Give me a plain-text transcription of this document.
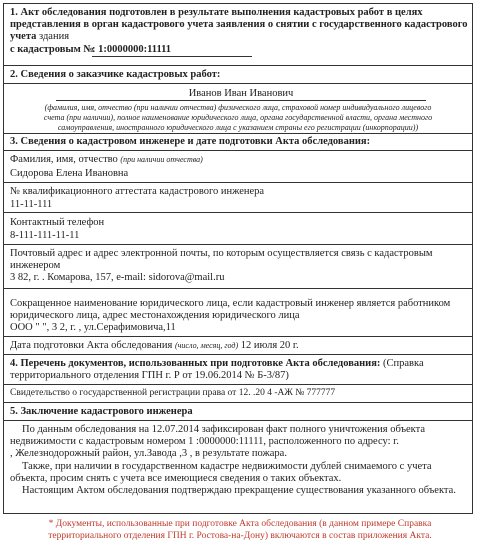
1. Акт обследования подготовлен в результате выполнения кадастровых работ в целях
представления в орган кадастрового учета заявления о снятии с государственного кадастрового
учета здания
с кадастровым №
: 1:0000000:11111
2. Сведения о заказчике кадастровых работ:
Иванов Иван Иванович
(фамилия, имя, отчество (при наличии отчества) физического лица, страховой номер индивидуального лицевого
счета (при наличии), полное наименование юридического лица, органа государственной власти, органа местного
самоуправления, иностранного юридического лица с указанием страны его регистрации (инкорпорации))
3. Сведения о кадастровом инженере и дате подготовки Акта обследования:
Фамилия, имя, отчество (при наличии отчества)
Сидорова Елена Ивановна
№ квалификационного аттестата кадастрового инженера
11-11-111
Контактный телефон
8-111-111-11-11
Почтовый адрес и адрес электронной почты, по которым осуществляется связь с кадастровым
инженером
3 82, г. . Комарова, 157, e-mail: sidorova@mail.ru
Сокращенное наименование юридического лица, если кадастровый инженер является работником
юридического лица, адрес местонахождения юридического лица
ООО " ", 3 2, г. , ул.Серафимовича,11
Дата подготовки Акта обследования (число, месяц, год) 12 июля 20 г.
4. Перечень документов, использованных при подготовке Акта обследования: (Справка
территориального отделения ГПН г. Р от 19.06.2014 № Б-3/87)
Свидетельство о государственной регистрации права от 12. .20 4 -АЖ № 777777
5. Заключение кадастрового инженера
По данным обследования на 12.07.2014 зафиксирован факт полного уничтожения объекта
недвижимости с кадастровым номером 1 :0000000:11111, расположенного по адресу: г.
, Железнодорожный район, ул.Завода ,3 , в результате пожара.
Также, при наличии в государственном кадастре недвижимости дублей снимаемого с учета
объекта, просим снять с учета все имеющиеся сведения о таких объектах.
Настоящим Актом обследования подтверждаю прекращение существования указанного объекта.
* Документы, использованные при подготовке Акта обследования (в данном примере Справка
территориального отделения ГПН г. Ростова-на-Дону) включаются в состав приложения Акта.
